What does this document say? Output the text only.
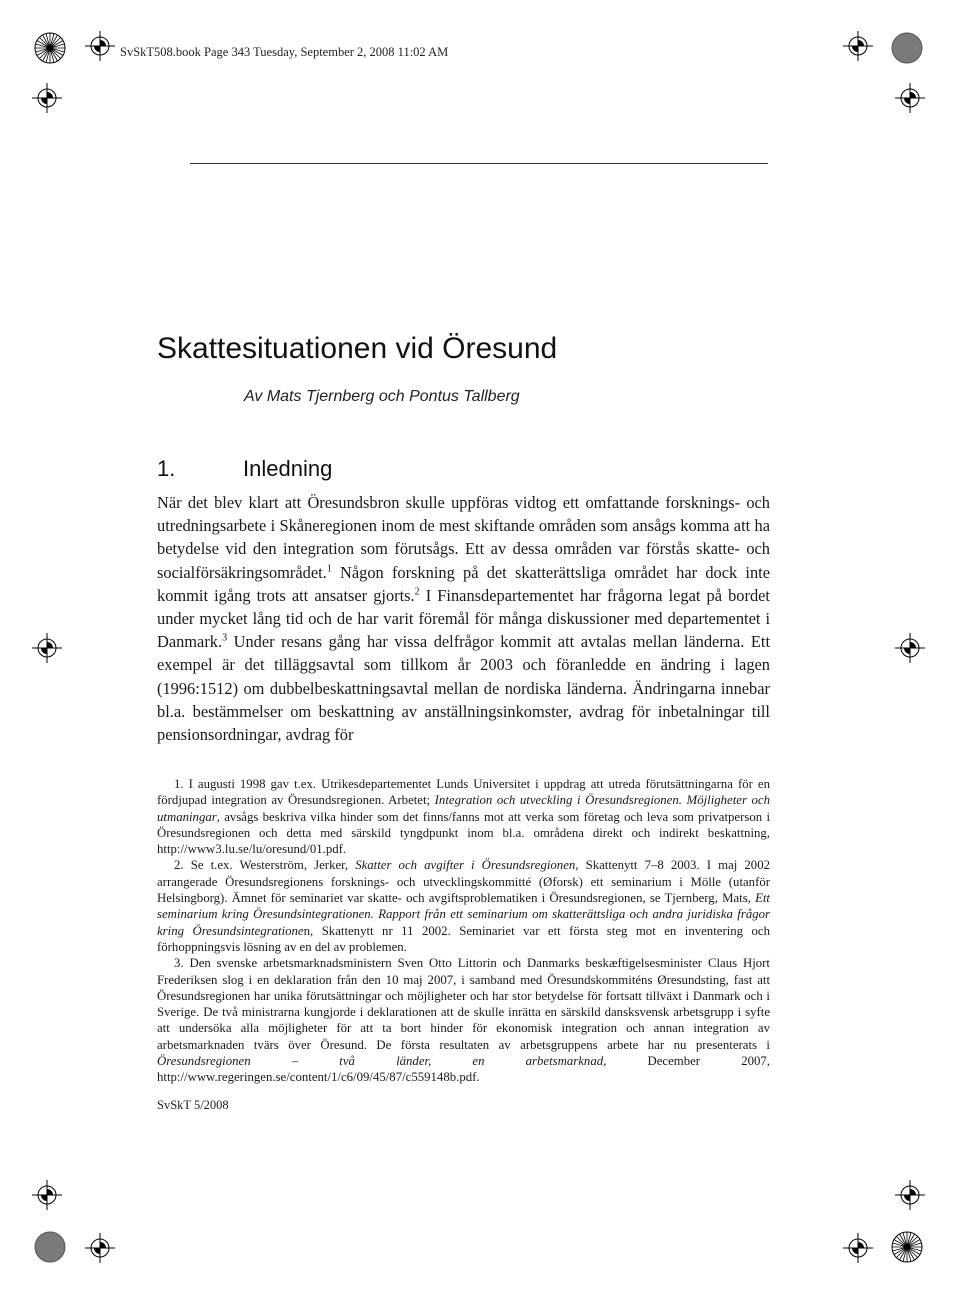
SvSkT508.book Page 343 Tuesday, September 2, 2008 11:02 AM
Skattesituationen vid Öresund
Av Mats Tjernberg och Pontus Tallberg
1.	Inledning

När det blev klart att Öresundsbron skulle uppföras vidtog ett omfattande forsknings- och utredningsarbete i Skåneregionen inom de mest skiftande områden som ansågs komma att ha betydelse vid den integration som förutsågs. Ett av dessa områden var förstås skatte- och socialförsäkringsområdet.$^1$ Någon forskning på det skatterättsliga området har dock inte kommit igång trots att ansatser gjorts.$^2$ I Finansdepartementet har frågorna legat på bordet under mycket lång tid och de har varit föremål för många diskussioner med departementet i Danmark.$^3$ Under resans gång har vissa delfrågor kommit att avtalas mellan länderna. Ett exempel är det tilläggsavtal som tillkom år 2003 och föranledde en ändring i lagen (1996:1512) om dubbelbeskattningsavtal mellan de nordiska länderna. Ändringarna innebar bl.a. bestämmelser om beskattning av anställningsinkomster, avdrag för inbetalningar till pensionsordningar, avdrag för

1. I augusti 1998 gav t.ex. Utrikesdepartementet Lunds Universitet i uppdrag att utreda förutsättningarna för en fördjupad integration av Öresundsregionen. Arbetet; Integration och utveckling i Öresundsregionen. Möjligheter och utmaningar, avsågs beskriva vilka hinder som det finns/fanns mot att verka som företag och leva som privatperson i Öresundsregionen och detta med särskild tyngdpunkt inom bl.a. områdena direkt och indirekt beskattning, http://www3.lu.se/lu/oresund/01.pdf.

2. Se t.ex. Westerström, Jerker, Skatter och avgifter i Öresundsregionen, Skattenytt 7–8 2003. I maj 2002 arrangerade Öresundsregionens forsknings- och utvecklingskommitté (Øforsk) ett seminarium i Mölle (utanför Helsingborg). Ämnet för seminariet var skatte- och avgiftsproblematiken i Öresundsregionen, se Tjernberg, Mats, Ett seminarium kring Öresundsintegrationen. Rapport från ett seminarium om skatterättsliga och andra juridiska frågor kring Öresundsintegrationen, Skattenytt nr 11 2002. Seminariet var ett första steg mot en inventering och förhoppningsvis lösning av en del av problemen.

3. Den svenske arbetsmarknadsministern Sven Otto Littorin och Danmarks beskæftigelsesminister Claus Hjort Frederiksen slog i en deklaration från den 10 maj 2007, i samband med Öresundskommiténs Øresundsting, fast att Öresundsregionen har unika förutsättningar och möjligheter och har stor betydelse för fortsatt tillväxt i Danmark och i Sverige. De två ministrarna kungjorde i deklarationen att de skulle inrätta en särskild dansksvensk arbetsgrupp i syfte att undersöka alla möjligheter för att ta bort hinder för ekonomisk integration och annan integration av arbetsmarknaden tvärs över Öresund. De första resultaten av arbetsgruppens arbete har nu presenterats i Öresundsregionen – två länder, en arbetsmarknad, December 2007, http://www.regeringen.se/content/1/c6/09/45/87/c559148b.pdf.

SvSkT 5/2008
